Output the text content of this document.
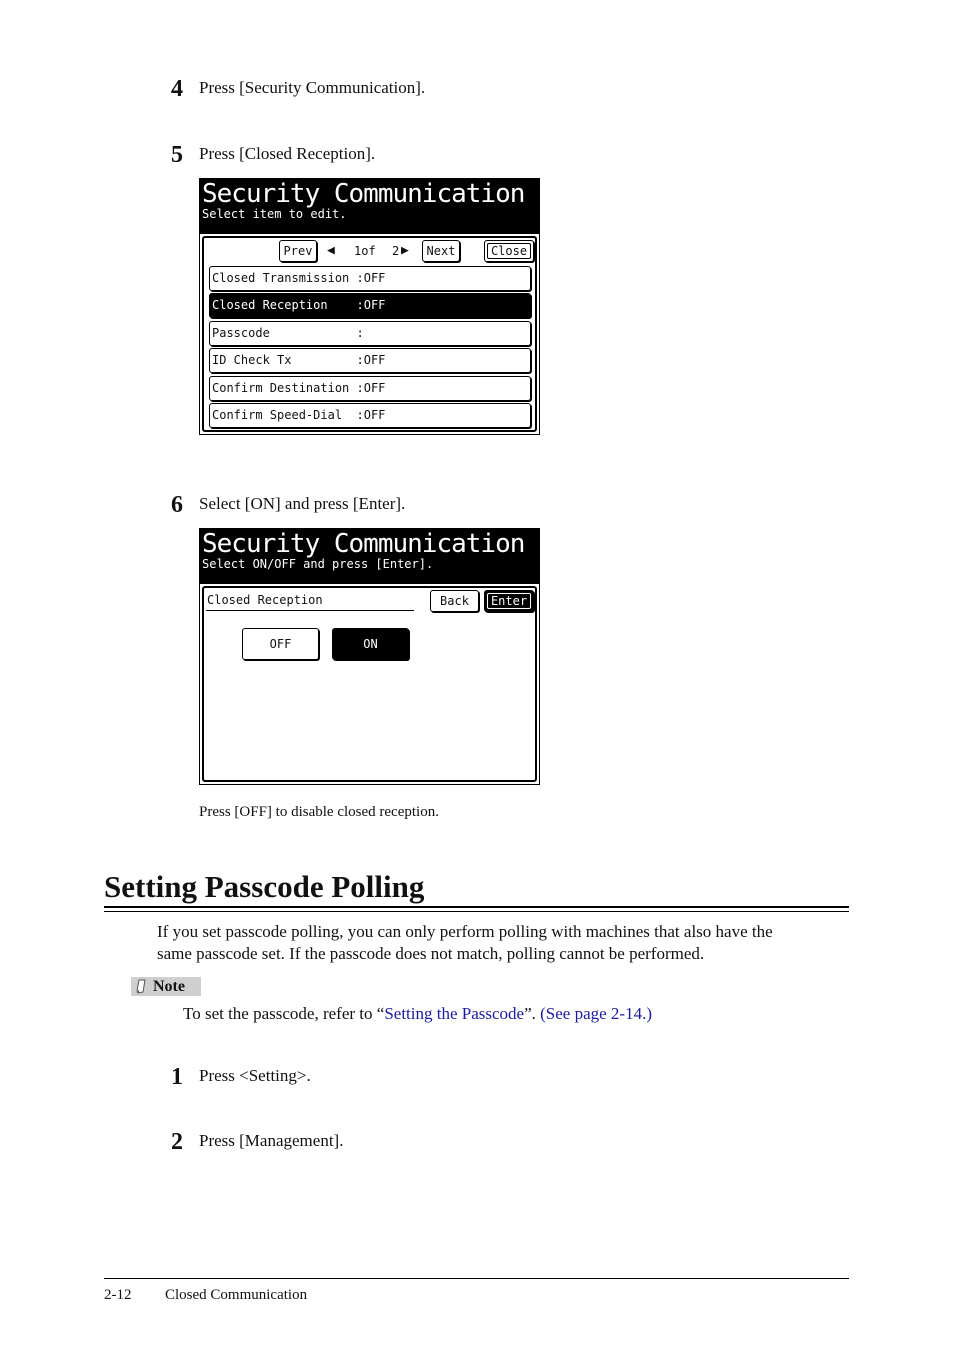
4 Press [Security Communication].
5 Press [Closed Reception].
Security Communication
Select item to edit.
Prev	◀ 1of 2 ▶	Next	Close
Closed Transmission :OFF
Closed Reception    :OFF
Passcode            :
ID Check Tx         :OFF
Confirm Destination :OFF
Confirm Speed-Dial  :OFF
6 Select [ON] and press [Enter].
Security Communication
Select ON/OFF and press [Enter].
Closed Reception	Back	Enter
OFF	ON
Press [OFF] to disable closed reception.
Setting Passcode Polling
If you set passcode polling, you can only perform polling with machines that also have the
same passcode set. If the passcode does not match, polling cannot be performed.
Note
To set the passcode, refer to “Setting the Passcode”. (See page 2-14.)
1 Press <Setting>.
2 Press [Management].
2-12 Closed Communication
